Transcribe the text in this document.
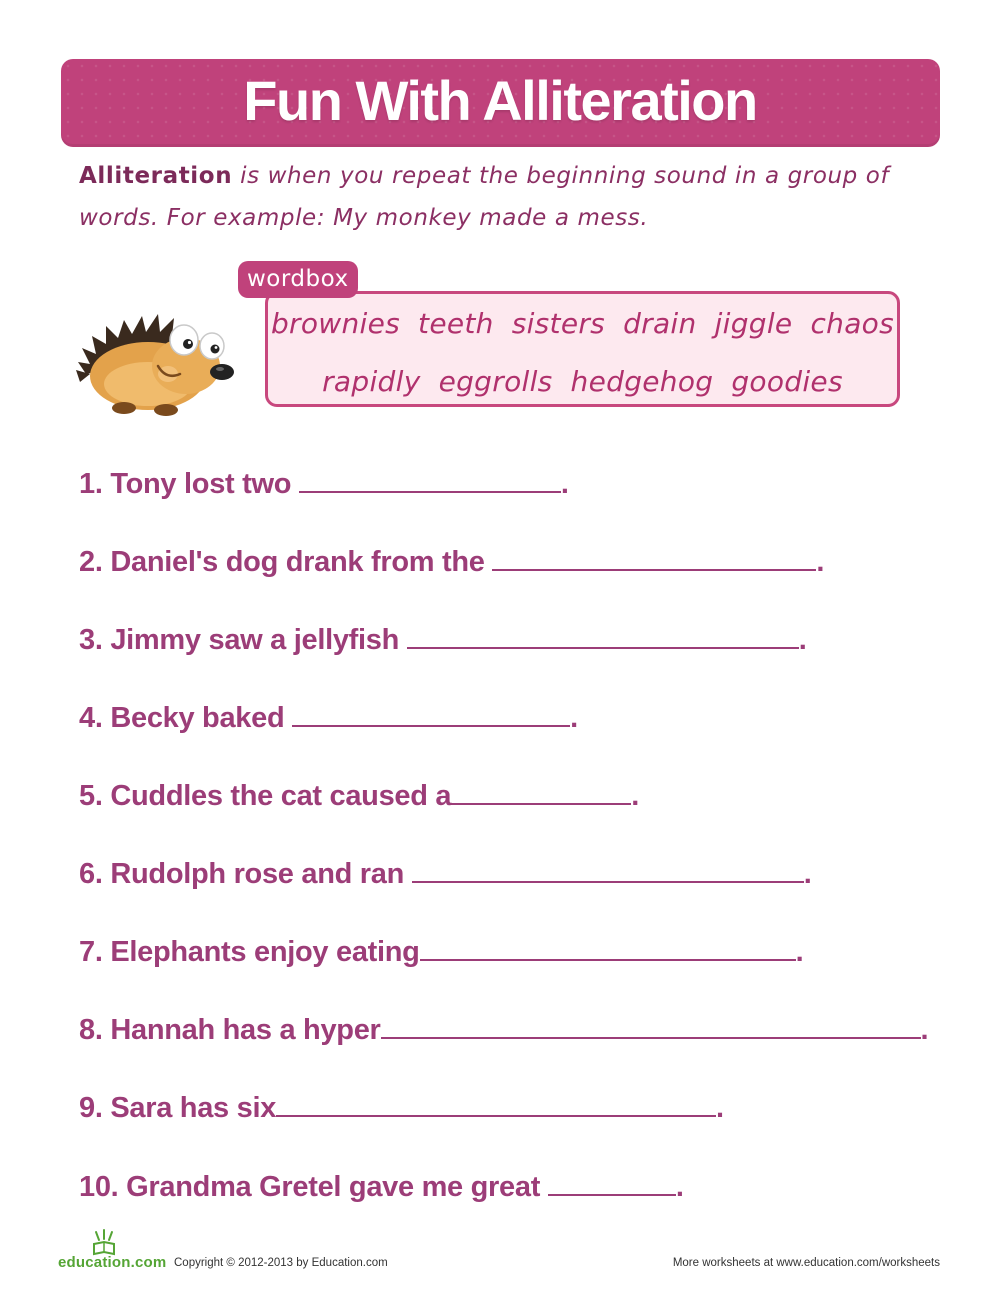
Fun With Alliteration
Alliteration is when you repeat the beginning sound in a group of words. For example: My monkey made a mess.
brownies teeth sisters drain jiggle chaos
rapidly eggrolls hedgehog goodies
wordbox
1. Tony lost two	.
2. Daniel's dog drank from the	.
3. Jimmy saw a jellyfish	.
4. Becky baked	.
5. Cuddles the cat caused a	.
6. Rudolph rose and ran	.
7. Elephants enjoy eating	.
8. Hannah has a hyper	.
9. Sara has six	.
10. Grandma Gretel gave me great	.
education.com Copyright © 2012-2013 by Education.com	More worksheets at www.education.com/worksheets
